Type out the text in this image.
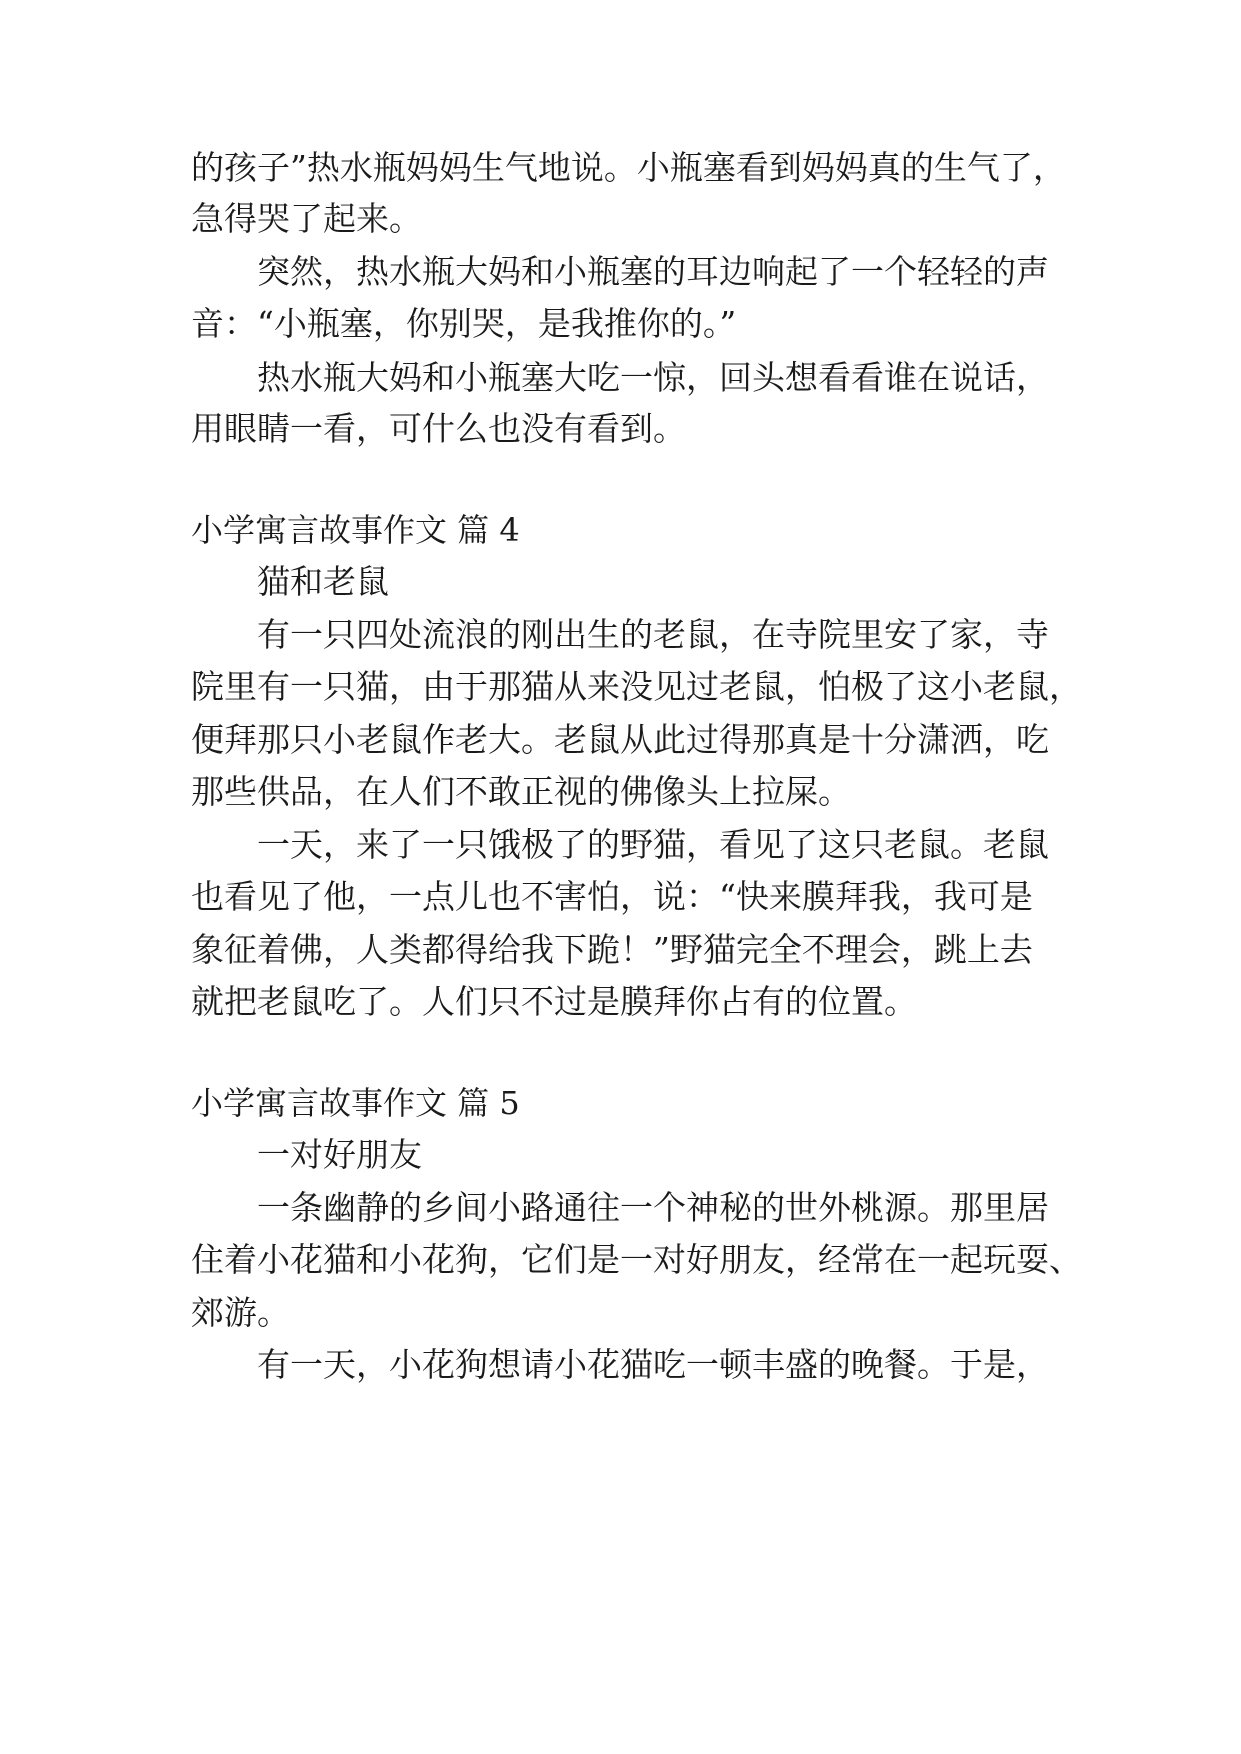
的孩子”热水瓶妈妈生气地说。小瓶塞看到妈妈真的生气了，
急得哭了起来。
突然，热水瓶大妈和小瓶塞的耳边响起了一个轻轻的声
音：“小瓶塞，你别哭，是我推你的。”
热水瓶大妈和小瓶塞大吃一惊，回头想看看谁在说话，
用眼睛一看，可什么也没有看到。
小学寓言故事作文 篇 4
猫和老鼠
有一只四处流浪的刚出生的老鼠，在寺院里安了家，寺
院里有一只猫，由于那猫从来没见过老鼠，怕极了这小老鼠，
便拜那只小老鼠作老大。老鼠从此过得那真是十分潇洒，吃
那些供品，在人们不敢正视的佛像头上拉屎。
一天，来了一只饿极了的野猫，看见了这只老鼠。老鼠
也看见了他，一点儿也不害怕，说：“快来膜拜我，我可是
象征着佛，人类都得给我下跪！”野猫完全不理会，跳上去
就把老鼠吃了。人们只不过是膜拜你占有的位置。
小学寓言故事作文 篇 5
一对好朋友
一条幽静的乡间小路通往一个神秘的世外桃源。那里居
住着小花猫和小花狗，它们是一对好朋友，经常在一起玩耍、
郊游。
有一天，小花狗想请小花猫吃一顿丰盛的晚餐。于是，
